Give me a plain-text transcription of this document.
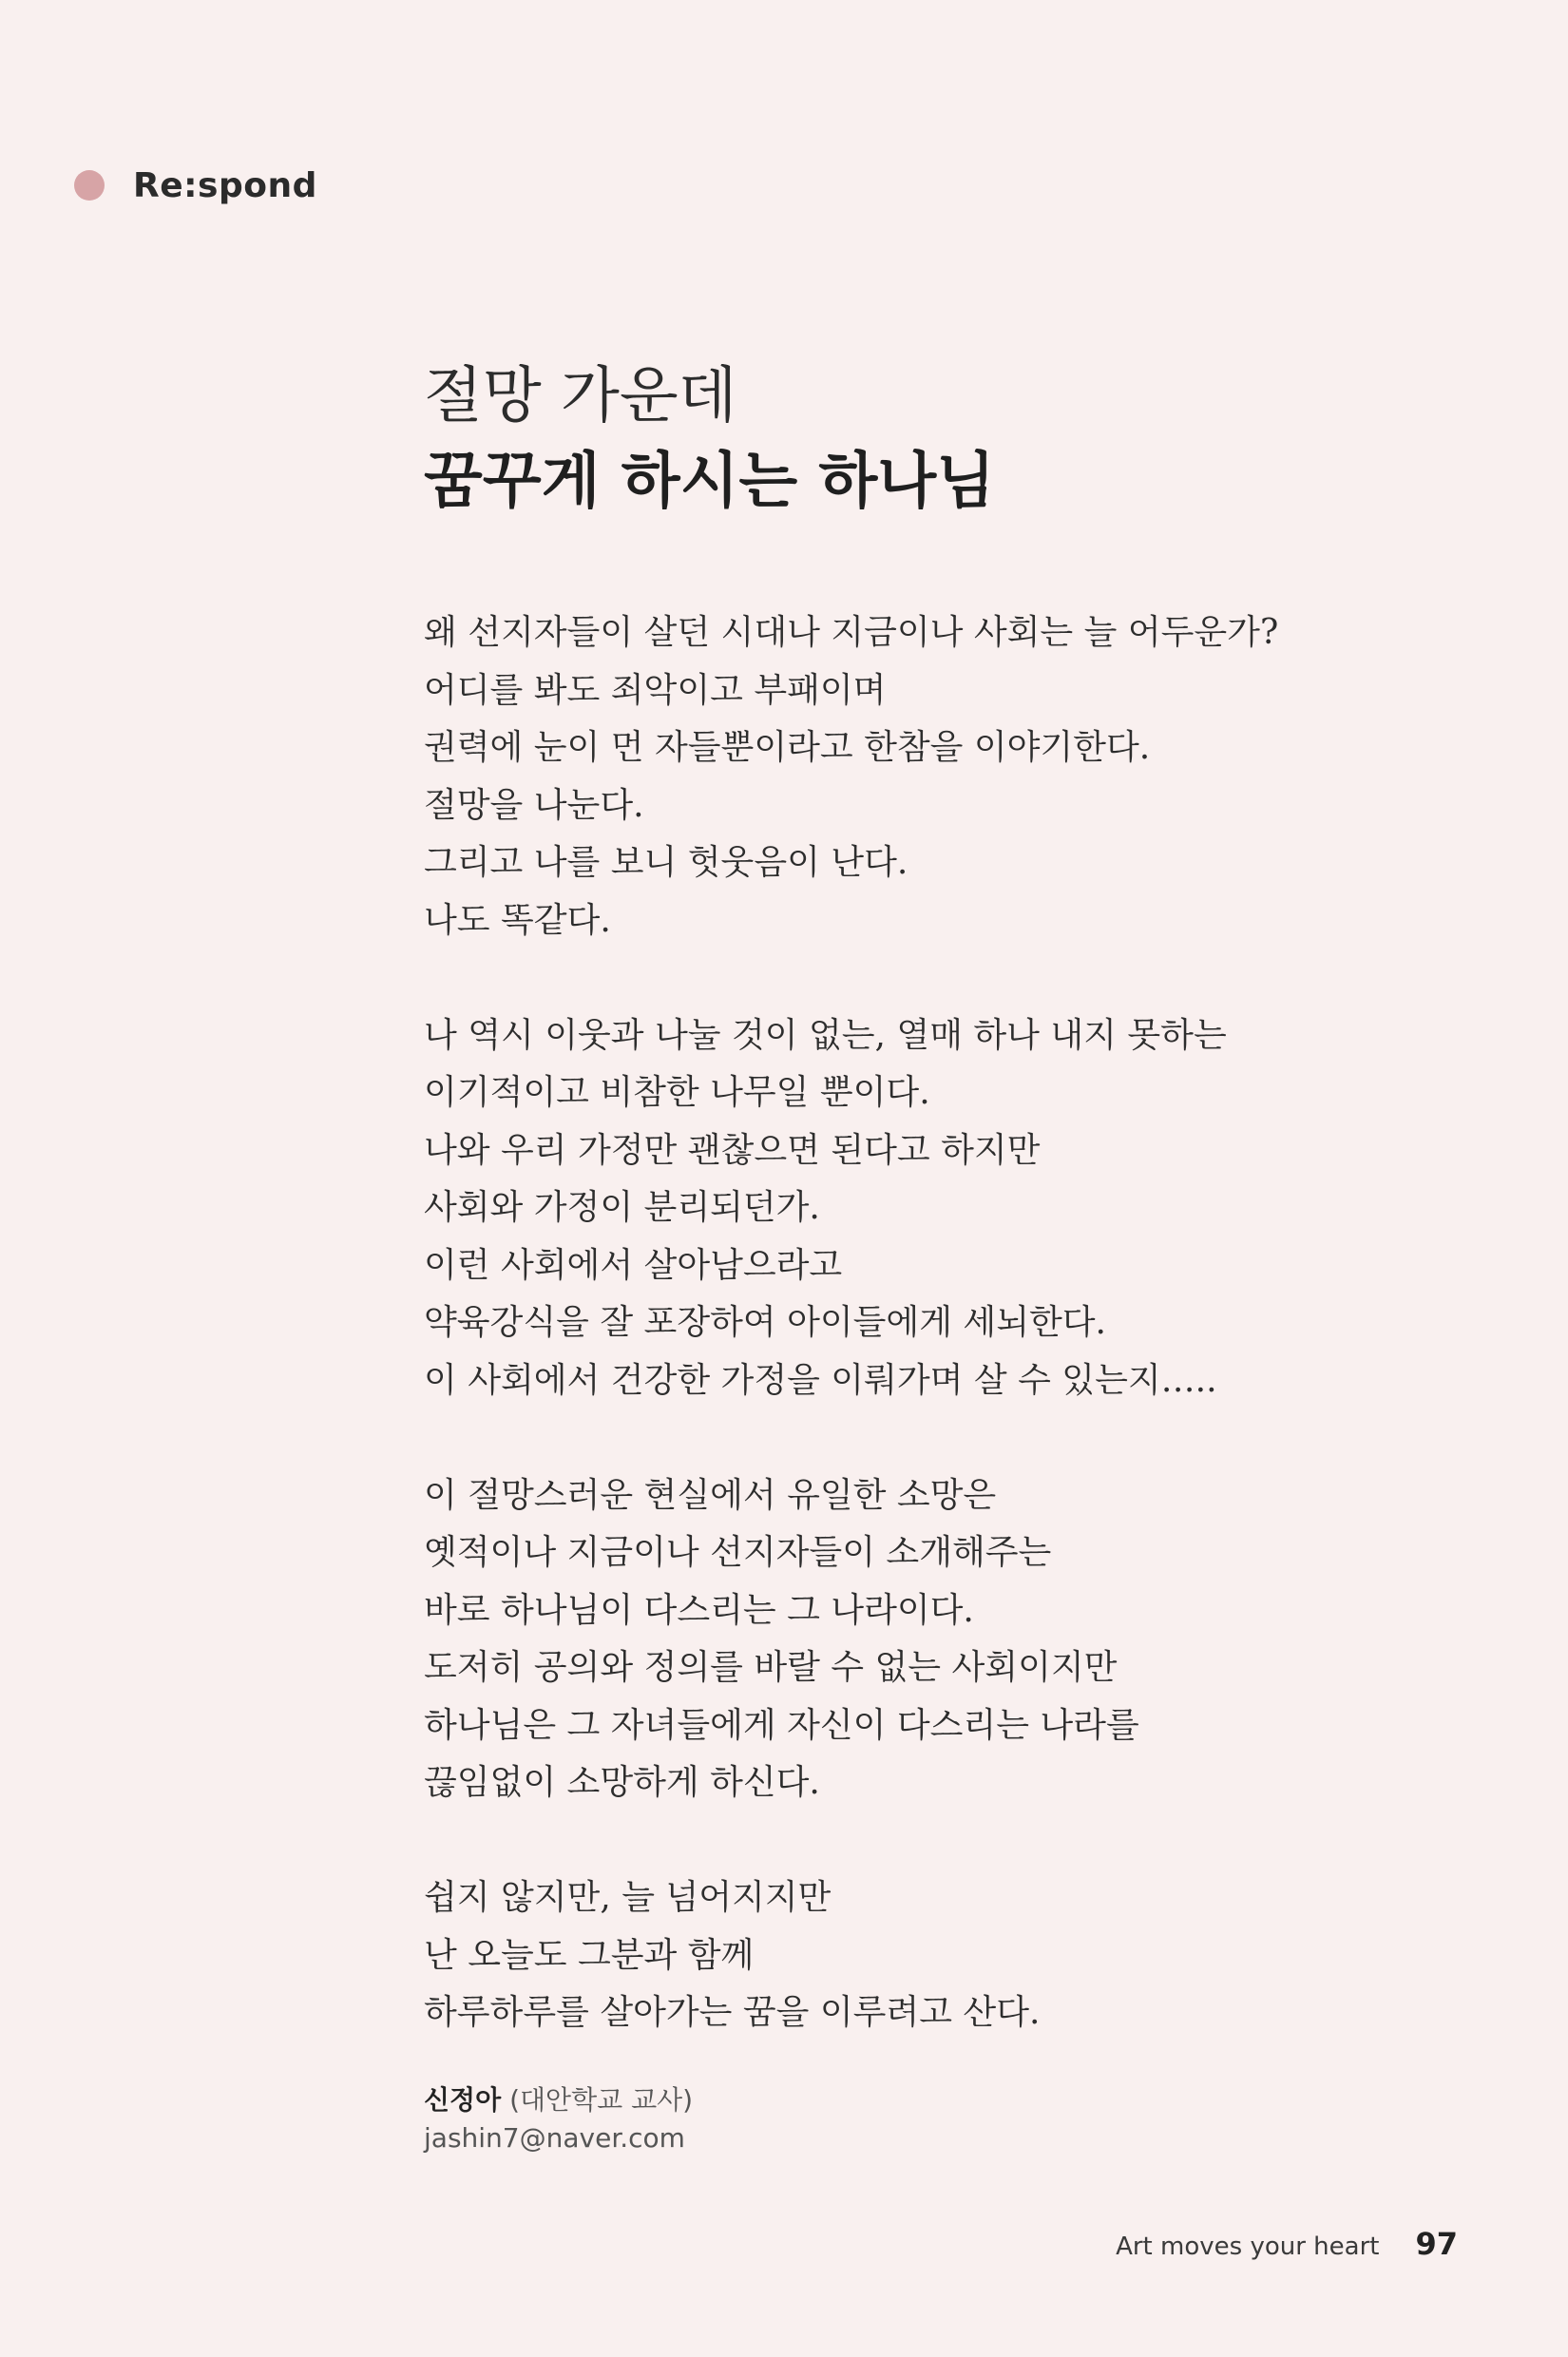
Re:spond
절망 가운데
꿈꾸게 하시는 하나님
왜 선지자들이 살던 시대나 지금이나 사회는 늘 어두운가?
어디를 봐도 죄악이고 부패이며
권력에 눈이 먼 자들뿐이라고 한참을 이야기한다.
절망을 나눈다.
그리고 나를 보니 헛웃음이 난다.
나도 똑같다.
나 역시 이웃과 나눌 것이 없는, 열매 하나 내지 못하는
이기적이고 비참한 나무일 뿐이다.
나와 우리 가정만 괜찮으면 된다고 하지만
사회와 가정이 분리되던가.
이런 사회에서 살아남으라고
약육강식을 잘 포장하여 아이들에게 세뇌한다.
이 사회에서 건강한 가정을 이뤄가며 살 수 있는지…..
이 절망스러운 현실에서 유일한 소망은
옛적이나 지금이나 선지자들이 소개해주는
바로 하나님이 다스리는 그 나라이다.
도저히 공의와 정의를 바랄 수 없는 사회이지만
하나님은 그 자녀들에게 자신이 다스리는 나라를
끊임없이 소망하게 하신다.
쉽지 않지만, 늘 넘어지지만
난 오늘도 그분과 함께
하루하루를 살아가는 꿈을 이루려고 산다.
신정아 (대안학교 교사)
jashin7@naver.com
Art moves your heart 97
